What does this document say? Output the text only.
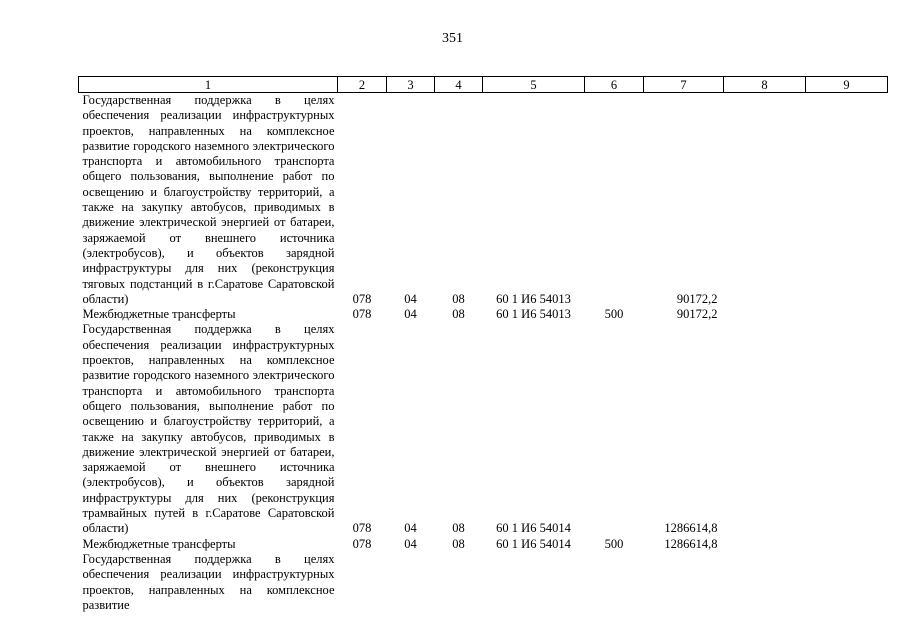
351
1	2	3	4	5	6	7	8	9
Государственная поддержка в целях обеспечения реализации инфраструктурных проектов, направленных на комплексное развитие городского наземного электрического транспорта и автомобильного транспорта общего пользования, выполнение работ по освещению и благоустройству территорий, а также на закупку автобусов, приводимых в движение электрической энергией от батареи, заряжаемой от внешнего источника (электробусов), и объектов зарядной инфраструктуры для них (реконструкция тяговых подстанций в г.Саратове Саратовской области)	078	04	08	60 1 И6 54013		90172,2		
Межбюджетные трансферты	078	04	08	60 1 И6 54013	500	90172,2		
Государственная поддержка в целях обеспечения реализации инфраструктурных проектов, направленных на комплексное развитие городского наземного электрического транспорта и автомобильного транспорта общего пользования, выполнение работ по освещению и благоустройству территорий, а также на закупку автобусов, приводимых в движение электрической энергией от батареи, заряжаемой от внешнего источника (электробусов), и объектов зарядной инфраструктуры для них (реконструкция трамвайных путей в г.Саратове Саратовской области)	078	04	08	60 1 И6 54014		1286614,8		
Межбюджетные трансферты	078	04	08	60 1 И6 54014	500	1286614,8		
Государственная поддержка в целях обеспечения реализации инфраструктурных проектов, направленных на комплексное развитие								
